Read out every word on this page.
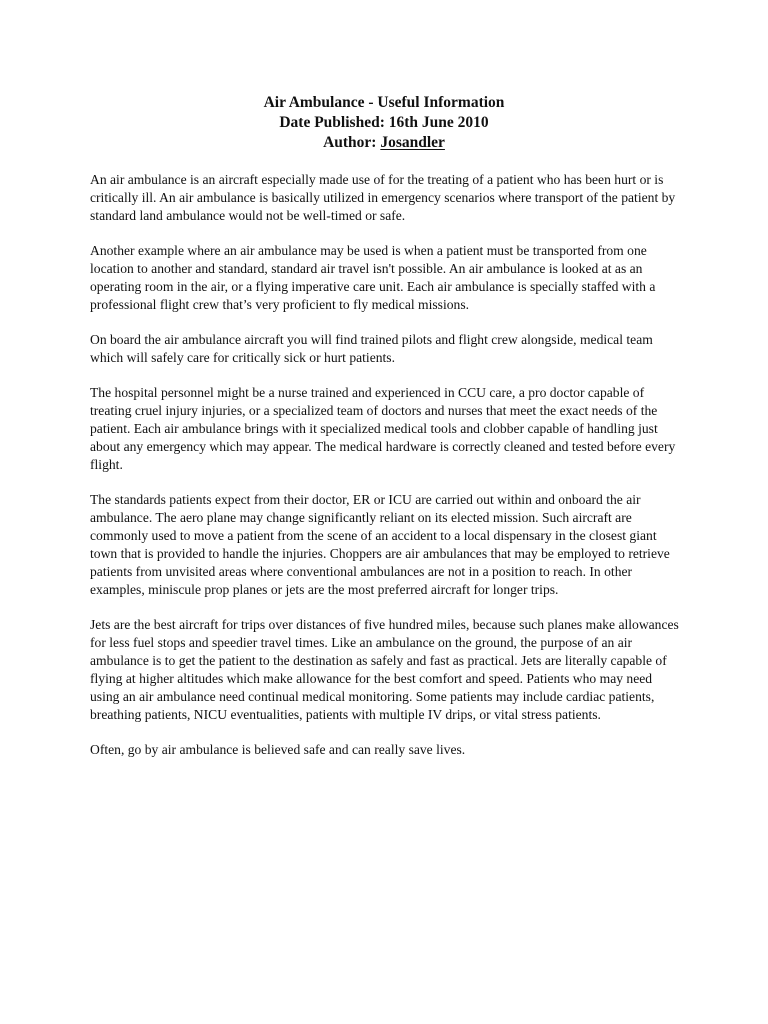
Air Ambulance - Useful Information
Date Published: 16th June 2010
Author: Josandler

An air ambulance is an aircraft especially made use of for the treating of a patient who has been hurt or is critically ill. An air ambulance is basically utilized in emergency scenarios where transport of the patient by standard land ambulance would not be well-timed or safe.

Another example where an air ambulance may be used is when a patient must be transported from one location to another and standard, standard air travel isn't possible. An air ambulance is looked at as an operating room in the air, or a flying imperative care unit. Each air ambulance is specially staffed with a professional flight crew that’s very proficient to fly medical missions.

On board the air ambulance aircraft you will find trained pilots and flight crew alongside, medical team which will safely care for critically sick or hurt patients.

The hospital personnel might be a nurse trained and experienced in CCU care, a pro doctor capable of treating cruel injury injuries, or a specialized team of doctors and nurses that meet the exact needs of the patient. Each air ambulance brings with it specialized medical tools and clobber capable of handling just about any emergency which may appear. The medical hardware is correctly cleaned and tested before every flight.

The standards patients expect from their doctor, ER or ICU are carried out within and onboard the air ambulance. The aero plane may change significantly reliant on its elected mission. Such aircraft are commonly used to move a patient from the scene of an accident to a local dispensary in the closest giant town that is provided to handle the injuries. Choppers are air ambulances that may be employed to retrieve patients from unvisited areas where conventional ambulances are not in a position to reach. In other examples, miniscule prop planes or jets are the most preferred aircraft for longer trips.

Jets are the best aircraft for trips over distances of five hundred miles, because such planes make allowances for less fuel stops and speedier travel times. Like an ambulance on the ground, the purpose of an air ambulance is to get the patient to the destination as safely and fast as practical. Jets are literally capable of flying at higher altitudes which make allowance for the best comfort and speed. Patients who may need using an air ambulance need continual medical monitoring. Some patients may include cardiac patients, breathing patients, NICU eventualities, patients with multiple IV drips, or vital stress patients.

Often, go by air ambulance is believed safe and can really save lives.
